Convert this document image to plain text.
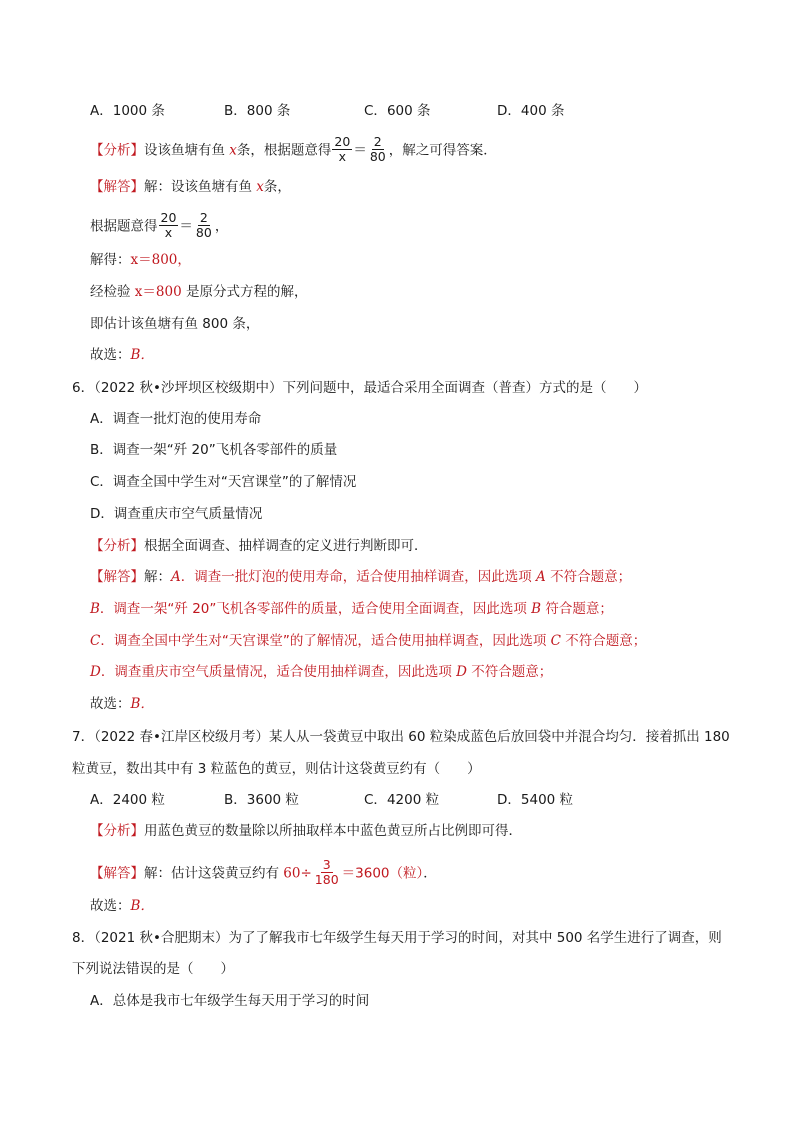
A．1000 条	B．800 条	C．600 条	D．400 条
【分析】设该鱼塘有鱼 x条，根据题意得 $\frac{20}{x} = \frac{2}{80}$ ，解之可得答案．
【解答】解：设该鱼塘有鱼 x条，
根据题意得 $\frac{20}{x} = \frac{2}{80}$ ，
解得：x＝800，
经检验 x＝800 是原分式方程的解，
即估计该鱼塘有鱼 800 条，
故选：B．
6．（2022 秋•沙坪坝区校级期中）下列问题中，最适合采用全面调查（普查）方式的是（　　）
A．调查一批灯泡的使用寿命
B．调查一架“歼 20”飞机各零部件的质量
C．调查全国中学生对“天宫课堂”的了解情况
D．调查重庆市空气质量情况
【分析】根据全面调查、抽样调查的定义进行判断即可．
【解答】解：A．调查一批灯泡的使用寿命，适合使用抽样调查，因此选项 A 不符合题意；
B．调查一架“歼 20”飞机各零部件的质量，适合使用全面调查，因此选项 B 符合题意；
C．调查全国中学生对“天宫课堂”的了解情况，适合使用抽样调查，因此选项 C 不符合题意；
D．调查重庆市空气质量情况，适合使用抽样调查，因此选项 D 不符合题意；
故选：B．
7．（2022 春•江岸区校级月考）某人从一袋黄豆中取出 60 粒染成蓝色后放回袋中并混合均匀．接着抓出 180
粒黄豆，数出其中有 3 粒蓝色的黄豆，则估计这袋黄豆约有（　　）
A．2400 粒	B．3600 粒	C．4200 粒	D．5400 粒
【分析】用蓝色黄豆的数量除以所抽取样本中蓝色黄豆所占比例即可得．
【解答】解：估计这袋黄豆约有 $60\div \frac{3}{180} =3600$（粒）．
故选：B．
8．（2021 秋•合肥期末）为了了解我市七年级学生每天用于学习的时间，对其中 500 名学生进行了调查，则
下列说法错误的是（　　）
A．总体是我市七年级学生每天用于学习的时间
